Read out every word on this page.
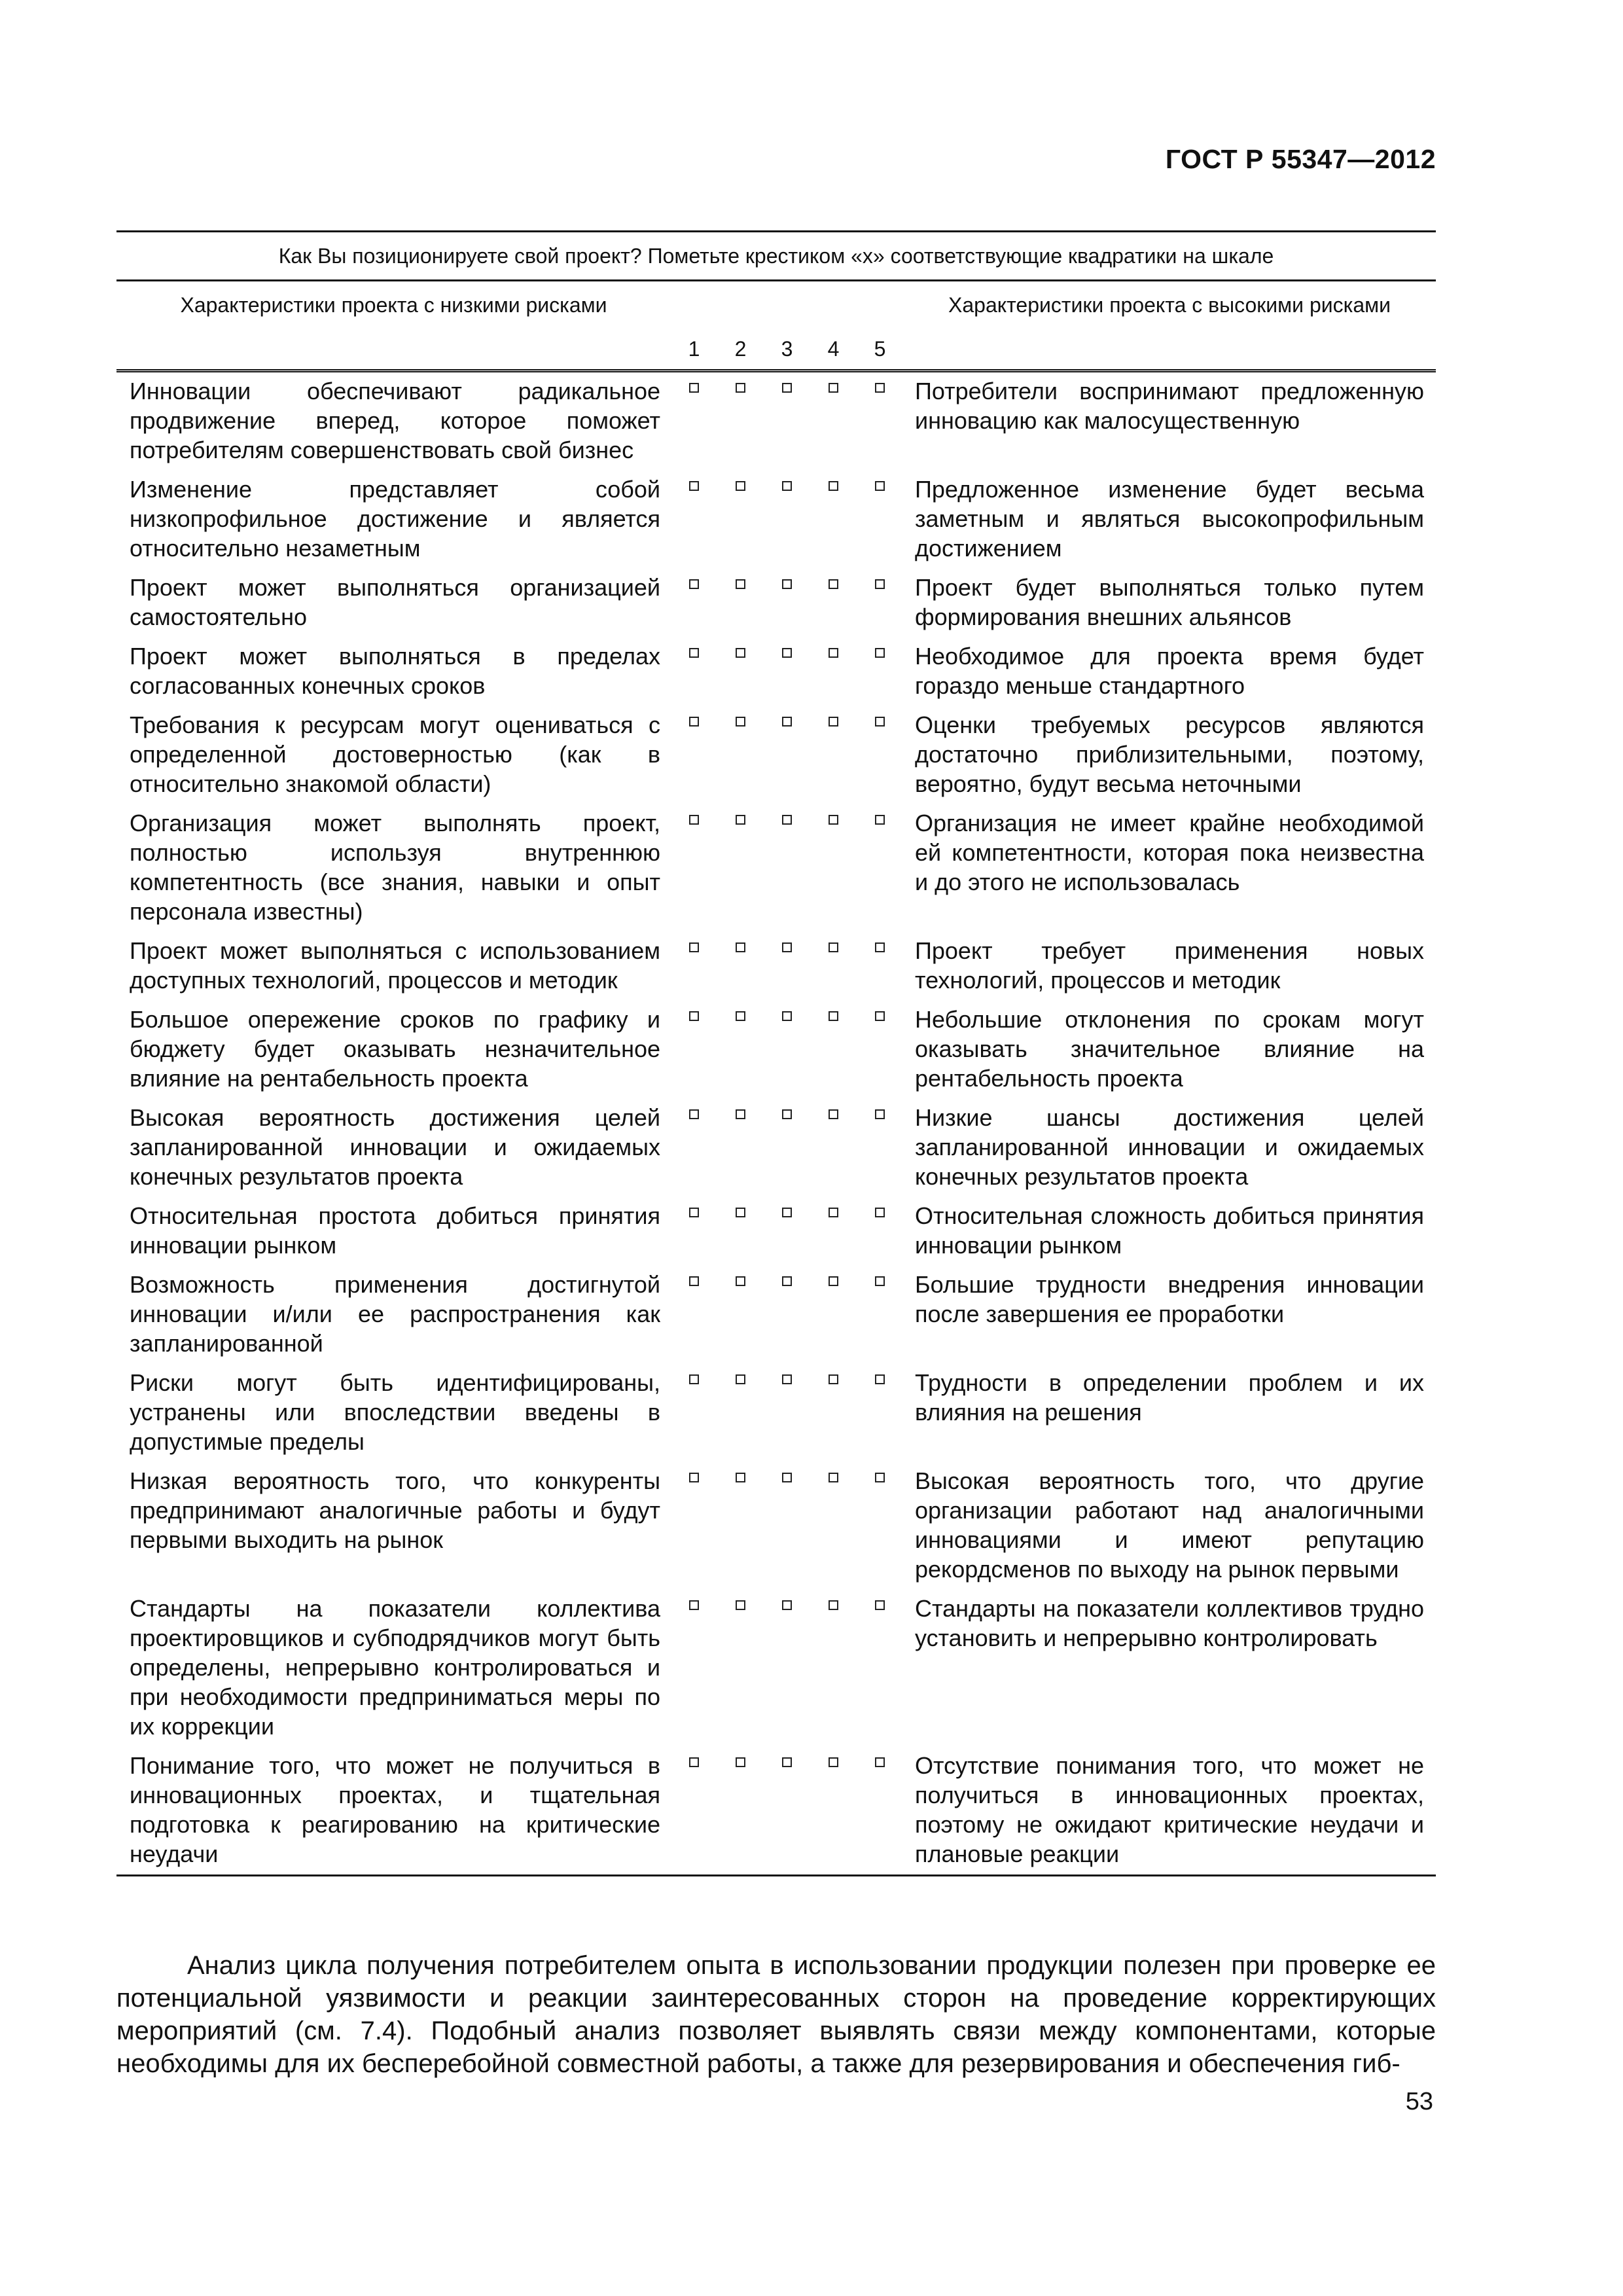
ГОСТ Р 55347—2012
Как Вы позиционируете свой проект? Пометьте крестиком «х» соответствующие квадратики на шкале						
Характеристики проекта с низкими рисками						Характеристики проекта с высокими рисками
	1	2	3	4	5	
Инновации обеспечивают радикальное продвижение вперед, которое поможет потребителям совершенствовать свой бизнес						Потребители воспринимают предложенную инновацию как малосущественную
Изменение представляет собой низкопрофильное достижение и является относительно незаметным						Предложенное изменение будет весьма заметным и являться высокопрофильным достижением
Проект может выполняться организацией самостоятельно						Проект будет выполняться только путем формирования внешних альянсов
Проект может выполняться в пределах согласованных конечных сроков						Необходимое для проекта время будет гораздо меньше стандартного
Требования к ресурсам могут оцениваться с определенной достоверностью (как в относительно знакомой области)						Оценки требуемых ресурсов являются достаточно приблизительными, поэтому, вероятно, будут весьма неточными
Организация может выполнять проект, полностью используя внутреннюю компетентность (все знания, навыки и опыт персонала известны)						Организация не имеет крайне необходимой ей компетентности, которая пока неизвестна и до этого не использовалась
Проект может выполняться с использованием доступных технологий, процессов и методик						Проект требует применения новых технологий, процессов и методик
Большое опережение сроков по графику и бюджету будет оказывать незначительное влияние на рентабельность проекта						Небольшие отклонения по срокам могут оказывать значительное влияние на рентабельность проекта
Высокая вероятность достижения целей запланированной инновации и ожидаемых конечных результатов проекта						Низкие шансы достижения целей запланированной инновации и ожидаемых конечных результатов проекта
Относительная простота добиться принятия инновации рынком						Относительная сложность добиться принятия инновации рынком
Возможность применения достигнутой инновации и/или ее распространения как запланированной						Большие трудности внедрения инновации после завершения ее проработки
Риски могут быть идентифицированы, устранены или впоследствии введены в допустимые пределы						Трудности в определении проблем и их влияния на решения
Низкая вероятность того, что конкуренты предпринимают аналогичные работы и будут первыми выходить на рынок						Высокая вероятность того, что другие организации работают над аналогичными инновациями и имеют репутацию рекордсменов по выходу на рынок первыми
Стандарты на показатели коллектива проектировщиков и субподрядчиков могут быть определены, непрерывно контролироваться и при необходимости предприниматься меры по их коррекции						Стандарты на показатели коллективов трудно установить и непрерывно контролировать
Понимание того, что может не получиться в инновационных проектах, и тщательная подготовка к реагированию на критические неудачи						Отсутствие понимания того, что может не получиться в инновационных проектах, поэтому не ожидают критические неудачи и плановые реакции
Анализ цикла получения потребителем опыта в использовании продукции полезен при проверке ее потенциальной уязвимости и реакции заинтересованных сторон на проведение корректирующих мероприятий (см. 7.4). Подобный анализ позволяет выявлять связи между компонентами, которые необходимы для их бесперебойной совместной работы, а также для резервирования и обеспечения гиб-
53
